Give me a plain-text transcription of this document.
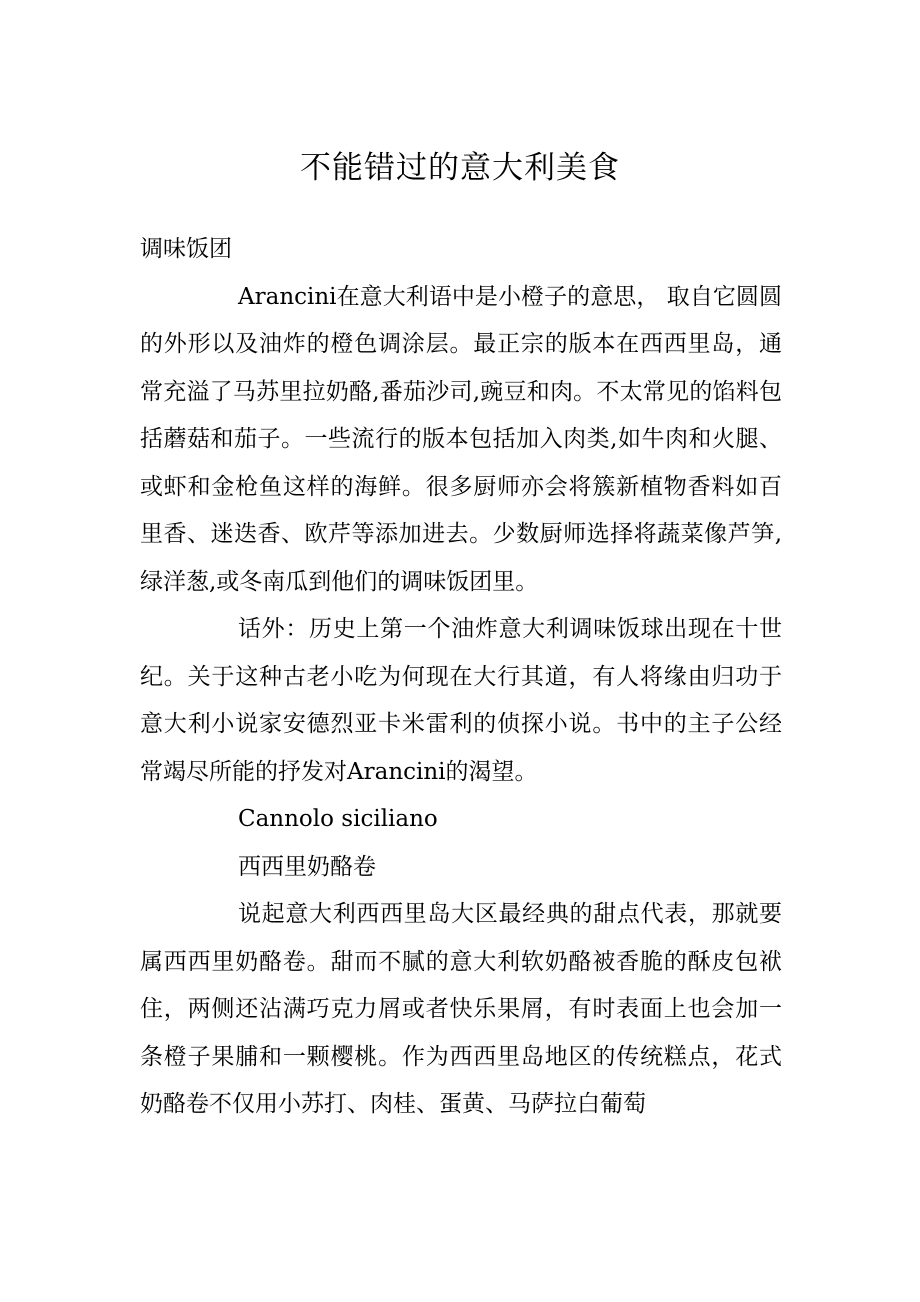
不能错过的意大利美食

调味饭团

Arancini在意大利语中是小橙子的意思， 取自它圆圆的外形以及油炸的橙色调涂层。最正宗的版本在西西里岛，通常充溢了马苏里拉奶酪,番茄沙司,豌豆和肉。不太常见的馅料包括蘑菇和茄子。一些流行的版本包括加入肉类,如牛肉和火腿、或虾和金枪鱼这样的海鲜。很多厨师亦会将簇新植物香料如百里香、迷迭香、欧芹等添加进去。少数厨师选择将蔬菜像芦笋,绿洋葱,或冬南瓜到他们的调味饭团里。

话外：历史上第一个油炸意大利调味饭球出现在十世纪。关于这种古老小吃为何现在大行其道，有人将缘由归功于意大利小说家安德烈亚卡米雷利的侦探小说。书中的主子公经常竭尽所能的抒发对Arancini的渴望。

Cannolo siciliano

西西里奶酪卷

说起意大利西西里岛大区最经典的甜点代表，那就要属西西里奶酪卷。甜而不腻的意大利软奶酪被香脆的酥皮包袱住，两侧还沾满巧克力屑或者快乐果屑，有时表面上也会加一条橙子果脯和一颗樱桃。作为西西里岛地区的传统糕点，花式奶酪卷不仅用小苏打、肉桂、蛋黄、马萨拉白葡萄
